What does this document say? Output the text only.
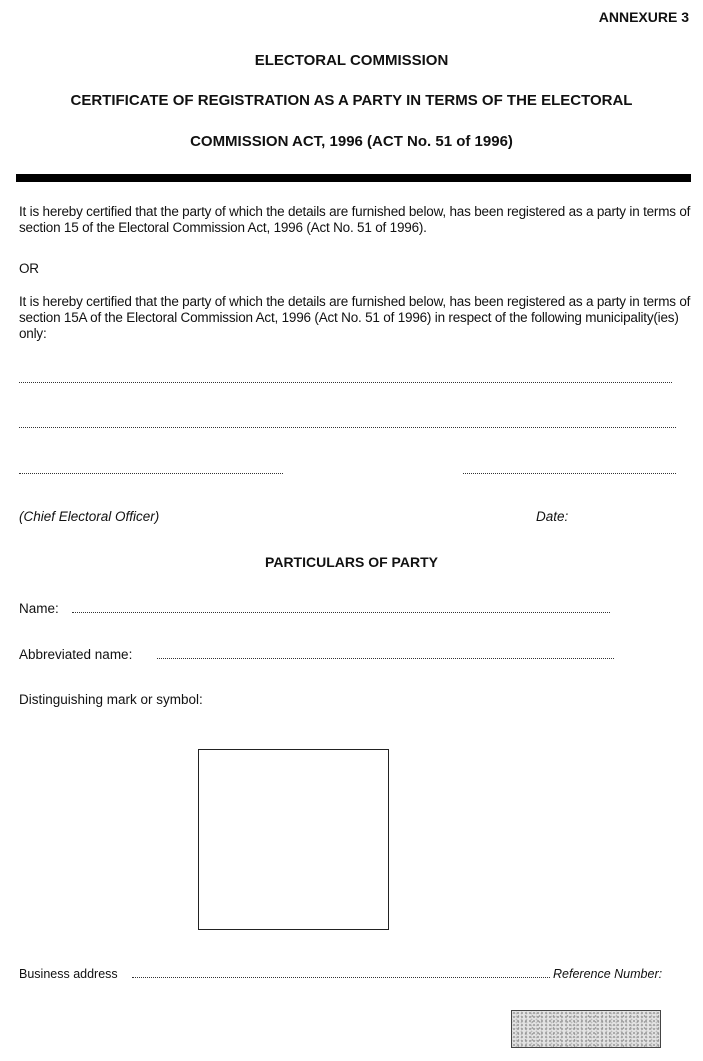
ANNEXURE 3
ELECTORAL COMMISSION
CERTIFICATE OF REGISTRATION AS A PARTY IN TERMS OF THE ELECTORAL
COMMISSION ACT, 1996 (ACT No. 51 of 1996)
It is hereby certified that the party of which the details are furnished below, has been registered as a party in terms of section 15 of the Electoral Commission Act, 1996 (Act No. 51 of 1996).
OR
It is hereby certified that the party of which the details are furnished below, has been registered as a party in terms of section 15A of the Electoral Commission Act, 1996 (Act No. 51 of 1996) in respect of the following municipality(ies) only:
(Chief Electoral Officer)	Date:
PARTICULARS OF PARTY
Name:
Abbreviated name:
Distinguishing mark or symbol:
Business address	Reference Number:
